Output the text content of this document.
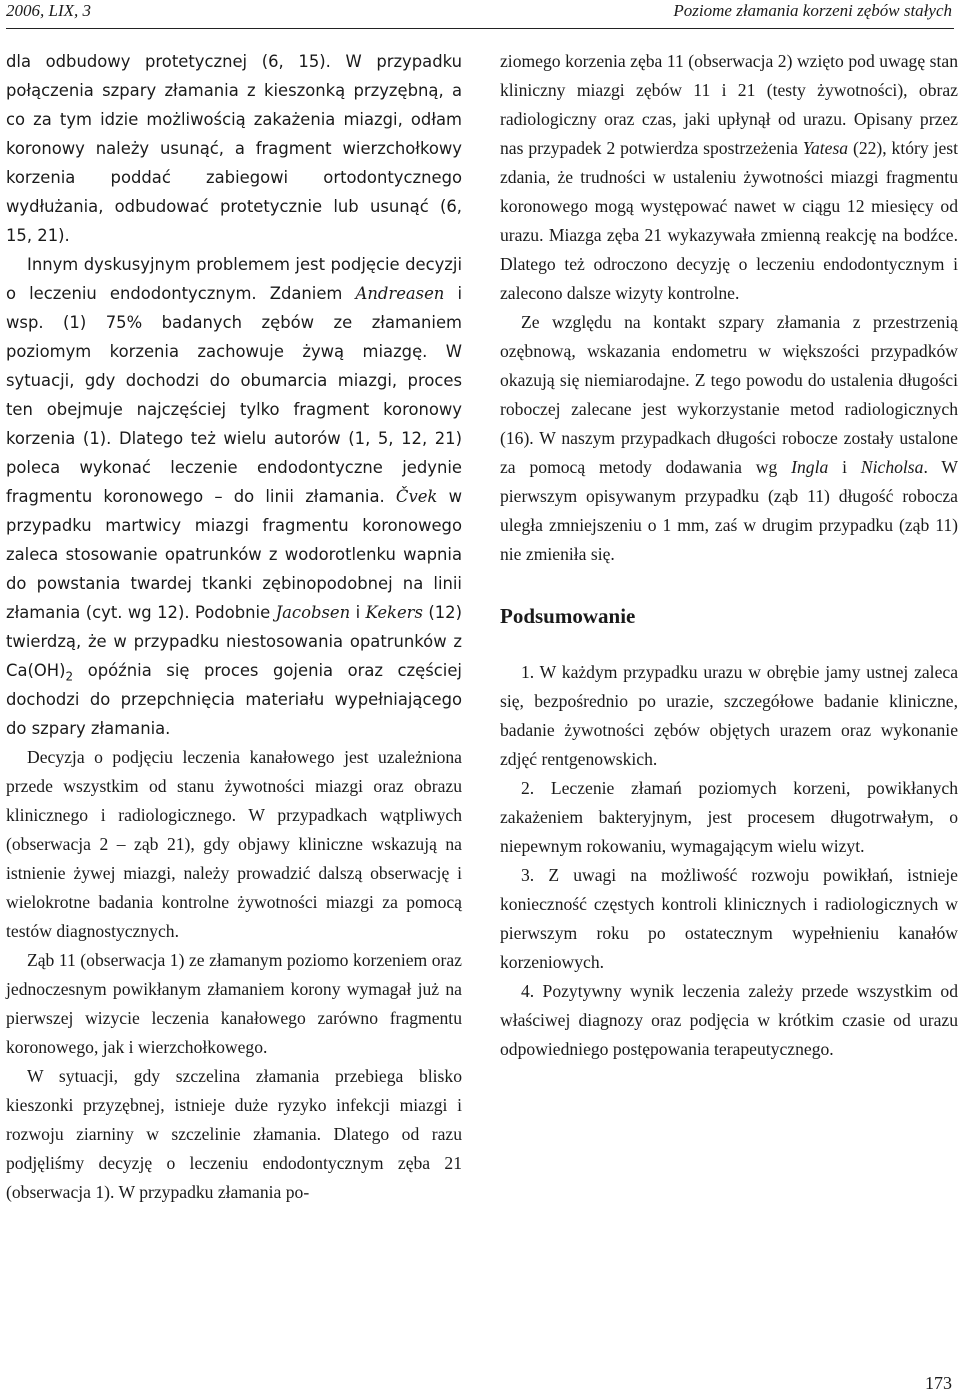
2006, LIX, 3	Poziome złamania korzeni zębów stałych

dla odbudowy protetycznej (6, 15). W przypadku połączenia szpary złamania z kieszonką przyzębną, a co za tym idzie możliwością zakażenia miazgi, odłam koronowy należy usunąć, a fragment wierzchołkowy korzenia poddać zabiegowi ortodontycznego wydłużania, odbudować protetycznie lub usunąć (6, 15, 21).

Innym dyskusyjnym problemem jest podjęcie decyzji o leczeniu endodontycznym. Zdaniem Andreasen i wsp. (1) 75% badanych zębów ze złamaniem poziomym korzenia zachowuje żywą miazgę. W sytuacji, gdy dochodzi do obumarcia miazgi, proces ten obejmuje najczęściej tylko fragment koronowy korzenia (1). Dlatego też wielu autorów (1, 5, 12, 21) poleca wykonać leczenie endodontyczne jedynie fragmentu koronowego – do linii złamania. Čvek w przypadku martwicy miazgi fragmentu koronowego zaleca stosowanie opatrunków z wodorotlenku wapnia do powstania twardej tkanki zębinopodobnej na linii złamania (cyt. wg 12). Podobnie Jacobsen i Kekers (12) twierdzą, że w przypadku niestosowania opatrunków z $Ca(OH)_2$ opóźnia się proces gojenia oraz częściej dochodzi do przepchnięcia materiału wypełniającego do szpary złamania.

Decyzja o podjęciu leczenia kanałowego jest uzależniona przede wszystkim od stanu żywotności miazgi oraz obrazu klinicznego i radiologicznego. W przypadkach wątpliwych (obserwacja 2 – ząb 21), gdy objawy kliniczne wskazują na istnienie żywej miazgi, należy prowadzić dalszą obserwację i wielokrotne badania kontrolne żywotności miazgi za pomocą testów diagnostycznych.

Ząb 11 (obserwacja 1) ze złamanym poziomo korzeniem oraz jednoczesnym powikłanym złamaniem korony wymagał już na pierwszej wizycie leczenia kanałowego zarówno fragmentu koronowego, jak i wierzchołkowego.

W sytuacji, gdy szczelina złamania przebiega blisko kieszonki przyzębnej, istnieje duże ryzyko infekcji miazgi i rozwoju ziarniny w szczelinie złamania. Dlatego od razu podjęliśmy decyzję o leczeniu endodontycznym zęba 21 (obserwacja 1). W przypadku złamania po-

ziomego korzenia zęba 11 (obserwacja 2) wzięto pod uwagę stan kliniczny miazgi zębów 11 i 21 (testy żywotności), obraz radiologiczny oraz czas, jaki upłynął od urazu. Opisany przez nas przypadek 2 potwierdza spostrzeżenia Yatesa (22), który jest zdania, że trudności w ustaleniu żywotności miazgi fragmentu koronowego mogą występować nawet w ciągu 12 miesięcy od urazu. Miazga zęba 21 wykazywała zmienną reakcję na bodźce. Dlatego też odroczono decyzję o leczeniu endodontycznym i zalecono dalsze wizyty kontrolne.

Ze względu na kontakt szpary złamania z przestrzenią ozębnową, wskazania endometru w większości przypadków okazują się niemiarodajne. Z tego powodu do ustalenia długości roboczej zalecane jest wykorzystanie metod radiologicznych (16). W naszym przypadkach długości robocze zostały ustalone za pomocą metody dodawania wg Ingla i Nicholsa. W pierwszym opisywanym przypadku (ząb 11) długość robocza uległa zmniejszeniu o 1 mm, zaś w drugim przypadku (ząb 11) nie zmieniła się.

Podsumowanie

1. W każdym przypadku urazu w obrębie jamy ustnej zaleca się, bezpośrednio po urazie, szczegółowe badanie kliniczne, badanie żywotności zębów objętych urazem oraz wykonanie zdjęć rentgenowskich.

2. Leczenie złamań poziomych korzeni, powikłanych zakażeniem bakteryjnym, jest procesem długotrwałym, o niepewnym rokowaniu, wymagającym wielu wizyt.

3. Z uwagi na możliwość rozwoju powikłań, istnieje konieczność częstych kontroli klinicznych i radiologicznych w pierwszym roku po ostatecznym wypełnieniu kanałów korzeniowych.

4. Pozytywny wynik leczenia zależy przede wszystkim od właściwej diagnozy oraz podjęcia w krótkim czasie od urazu odpowiedniego postępowania terapeutycznego.

173
